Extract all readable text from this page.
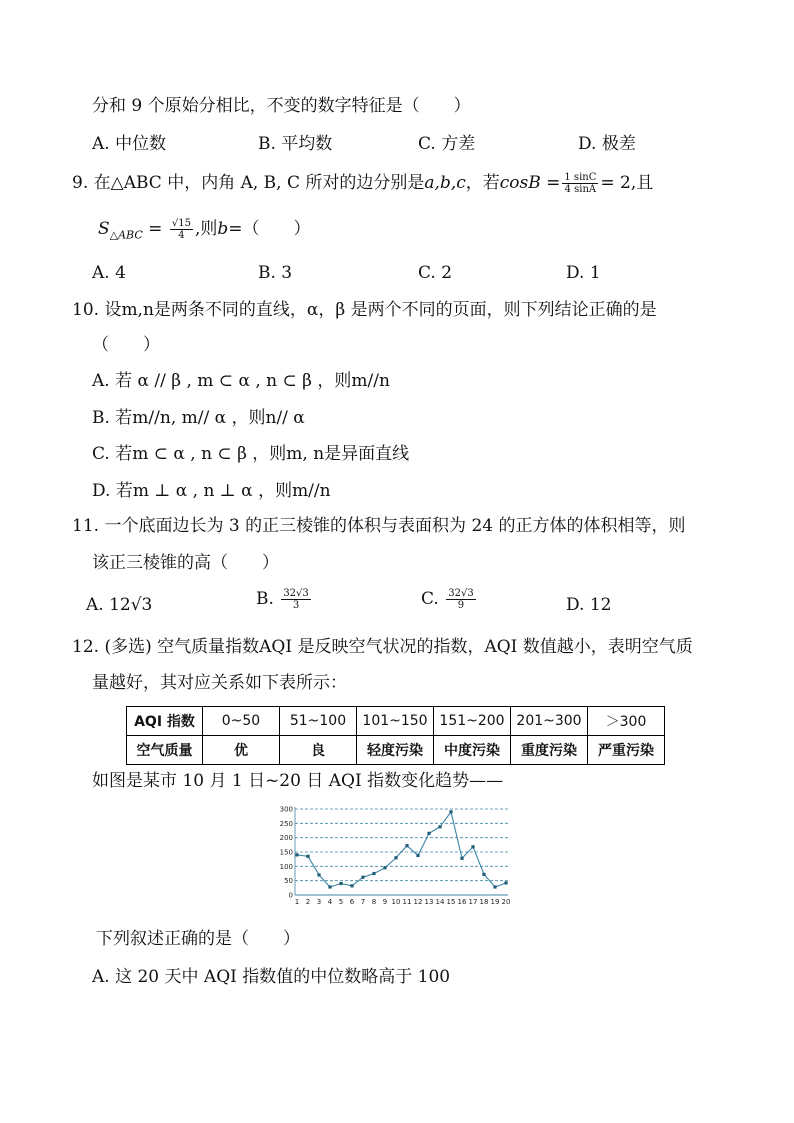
分和 9 个原始分相比，不变的数字特征是（　　）
A. 中位数	B. 平均数	C. 方差	D. 极差
9. 在△ABC 中，内角 A, B, C 所对的边分别是a,b,c，若$\cos B = \frac{1 \sin C}{4 \sin A} = 2$,且
$S_{\triangle ABC} = \frac{√15}{4}$ ,则b=（　　）
A. 4	B. 3	C. 2	D. 1
10. 设m,n是两条不同的直线，α，β 是两个不同的页面，则下列结论正确的是
（　　）
A. 若 α // β , m ⊂ α , n ⊂ β ，则m//n
B. 若m//n, m// α ，则n// α
C. 若m ⊂ α , n ⊂ β ，则m, n是异面直线
D. 若m ⊥ α , n ⊥ α ，则m//n
11. 一个底面边长为 3 的正三棱锥的体积与表面积为 24 的正方体的体积相等，则
该正三棱锥的高（　　）
A. 12√3	B. $\frac{32√3}{3}$	C. $\frac{32√3}{9}$	D. 12
12. (多选) 空气质量指数AQI 是反映空气状况的指数，AQI 数值越小，表明空气质
量越好，其对应关系如下表所示：
AQI 指数	0~50	51~100	101~150	151~200	201~300	＞300
空气质量	优	良	轻度污染	中度污染	重度污染	严重污染
如图是某市 10 月 1 日~20 日 AQI 指数变化趋势——
0
50
100
150
200
250
300
1 2 3 4 5 6 7 8 9 10 11 12 13 14 15 16 17 18 19 20
下列叙述正确的是（　　）
A. 这 20 天中 AQI 指数值的中位数略高于 100
